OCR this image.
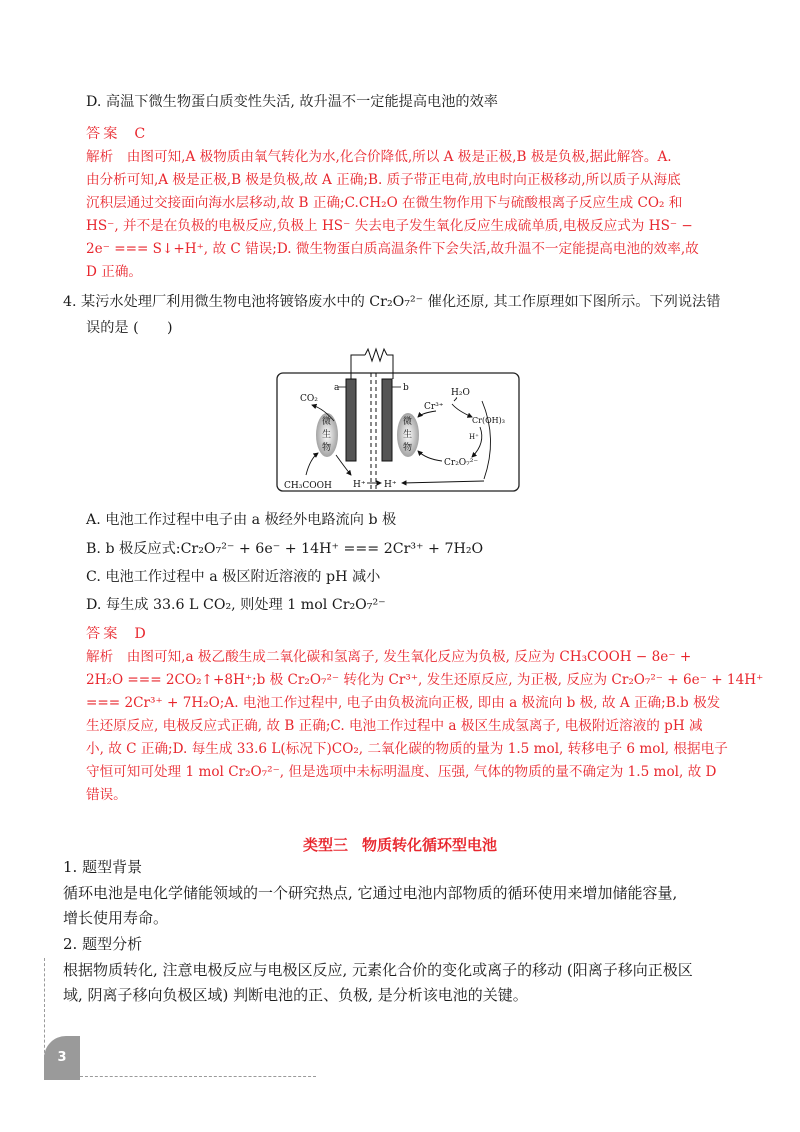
D. 高温下微生物蛋白质变性失活, 故升温不一定能提高电池的效率
答案 C
解析　由图可知,A 极物质由氧气转化为水,化合价降低,所以 A 极是正极,B 极是负极,据此解答。A.
由分析可知,A 极是正极,B 极是负极,故 A 正确;B. 质子带正电荷,放电时向正极移动,所以质子从海底
沉积层通过交接面向海水层移动,故 B 正确;C.CH₂O 在微生物作用下与硫酸根离子反应生成 CO₂ 和
HS⁻, 并不是在负极的电极反应,负极上 HS⁻ 失去电子发生氧化反应生成硫单质,电极反应式为 HS⁻ −
2e⁻ === S↓+H⁺, 故 C 错误;D. 微生物蛋白质高温条件下会失活,故升温不一定能提高电池的效率,故
D 正确。
4. 某污水处理厂利用微生物电池将镀铬废水中的 Cr₂O₇²⁻ 催化还原, 其工作原理如下图所示。下列说法错
误的是 (　　)
a	b
微
生
物
微
生
物
CO₂
CH₃COOH H⁺ H⁺
H₂O
Cr³⁺
Cr(OH)₃
H⁺
Cr₂O₇²⁻
A. 电池工作过程中电子由 a 极经外电路流向 b 极
B. b 极反应式:Cr₂O₇²⁻ + 6e⁻ + 14H⁺ === 2Cr³⁺ + 7H₂O
C. 电池工作过程中 a 极区附近溶液的 pH 减小
D. 每生成 33.6 L CO₂, 则处理 1 mol Cr₂O₇²⁻
答案 D
解析　由图可知,a 极乙酸生成二氧化碳和氢离子, 发生氧化反应为负极, 反应为 CH₃COOH − 8e⁻ +
2H₂O === 2CO₂↑+8H⁺;b 极 Cr₂O₇²⁻ 转化为 Cr³⁺, 发生还原反应, 为正极, 反应为 Cr₂O₇²⁻ + 6e⁻ + 14H⁺
=== 2Cr³⁺ + 7H₂O;A. 电池工作过程中, 电子由负极流向正极, 即由 a 极流向 b 极, 故 A 正确;B.b 极发
生还原反应, 电极反应式正确, 故 B 正确;C. 电池工作过程中 a 极区生成氢离子, 电极附近溶液的 pH 减
小, 故 C 正确;D. 每生成 33.6 L(标况下)CO₂, 二氧化碳的物质的量为 1.5 mol, 转移电子 6 mol, 根据电子
守恒可知可处理 1 mol Cr₂O₇²⁻, 但是选项中未标明温度、压强, 气体的物质的量不确定为 1.5 mol, 故 D
错误。
类型三 物质转化循环型电池
1. 题型背景
循环电池是电化学储能领域的一个研究热点, 它通过电池内部物质的循环使用来增加储能容量,
增长使用寿命。
2. 题型分析
根据物质转化, 注意电极反应与电极区反应, 元素化合价的变化或离子的移动 (阳离子移向正极区
域, 阴离子移向负极区域) 判断电池的正、负极, 是分析该电池的关键。
3
